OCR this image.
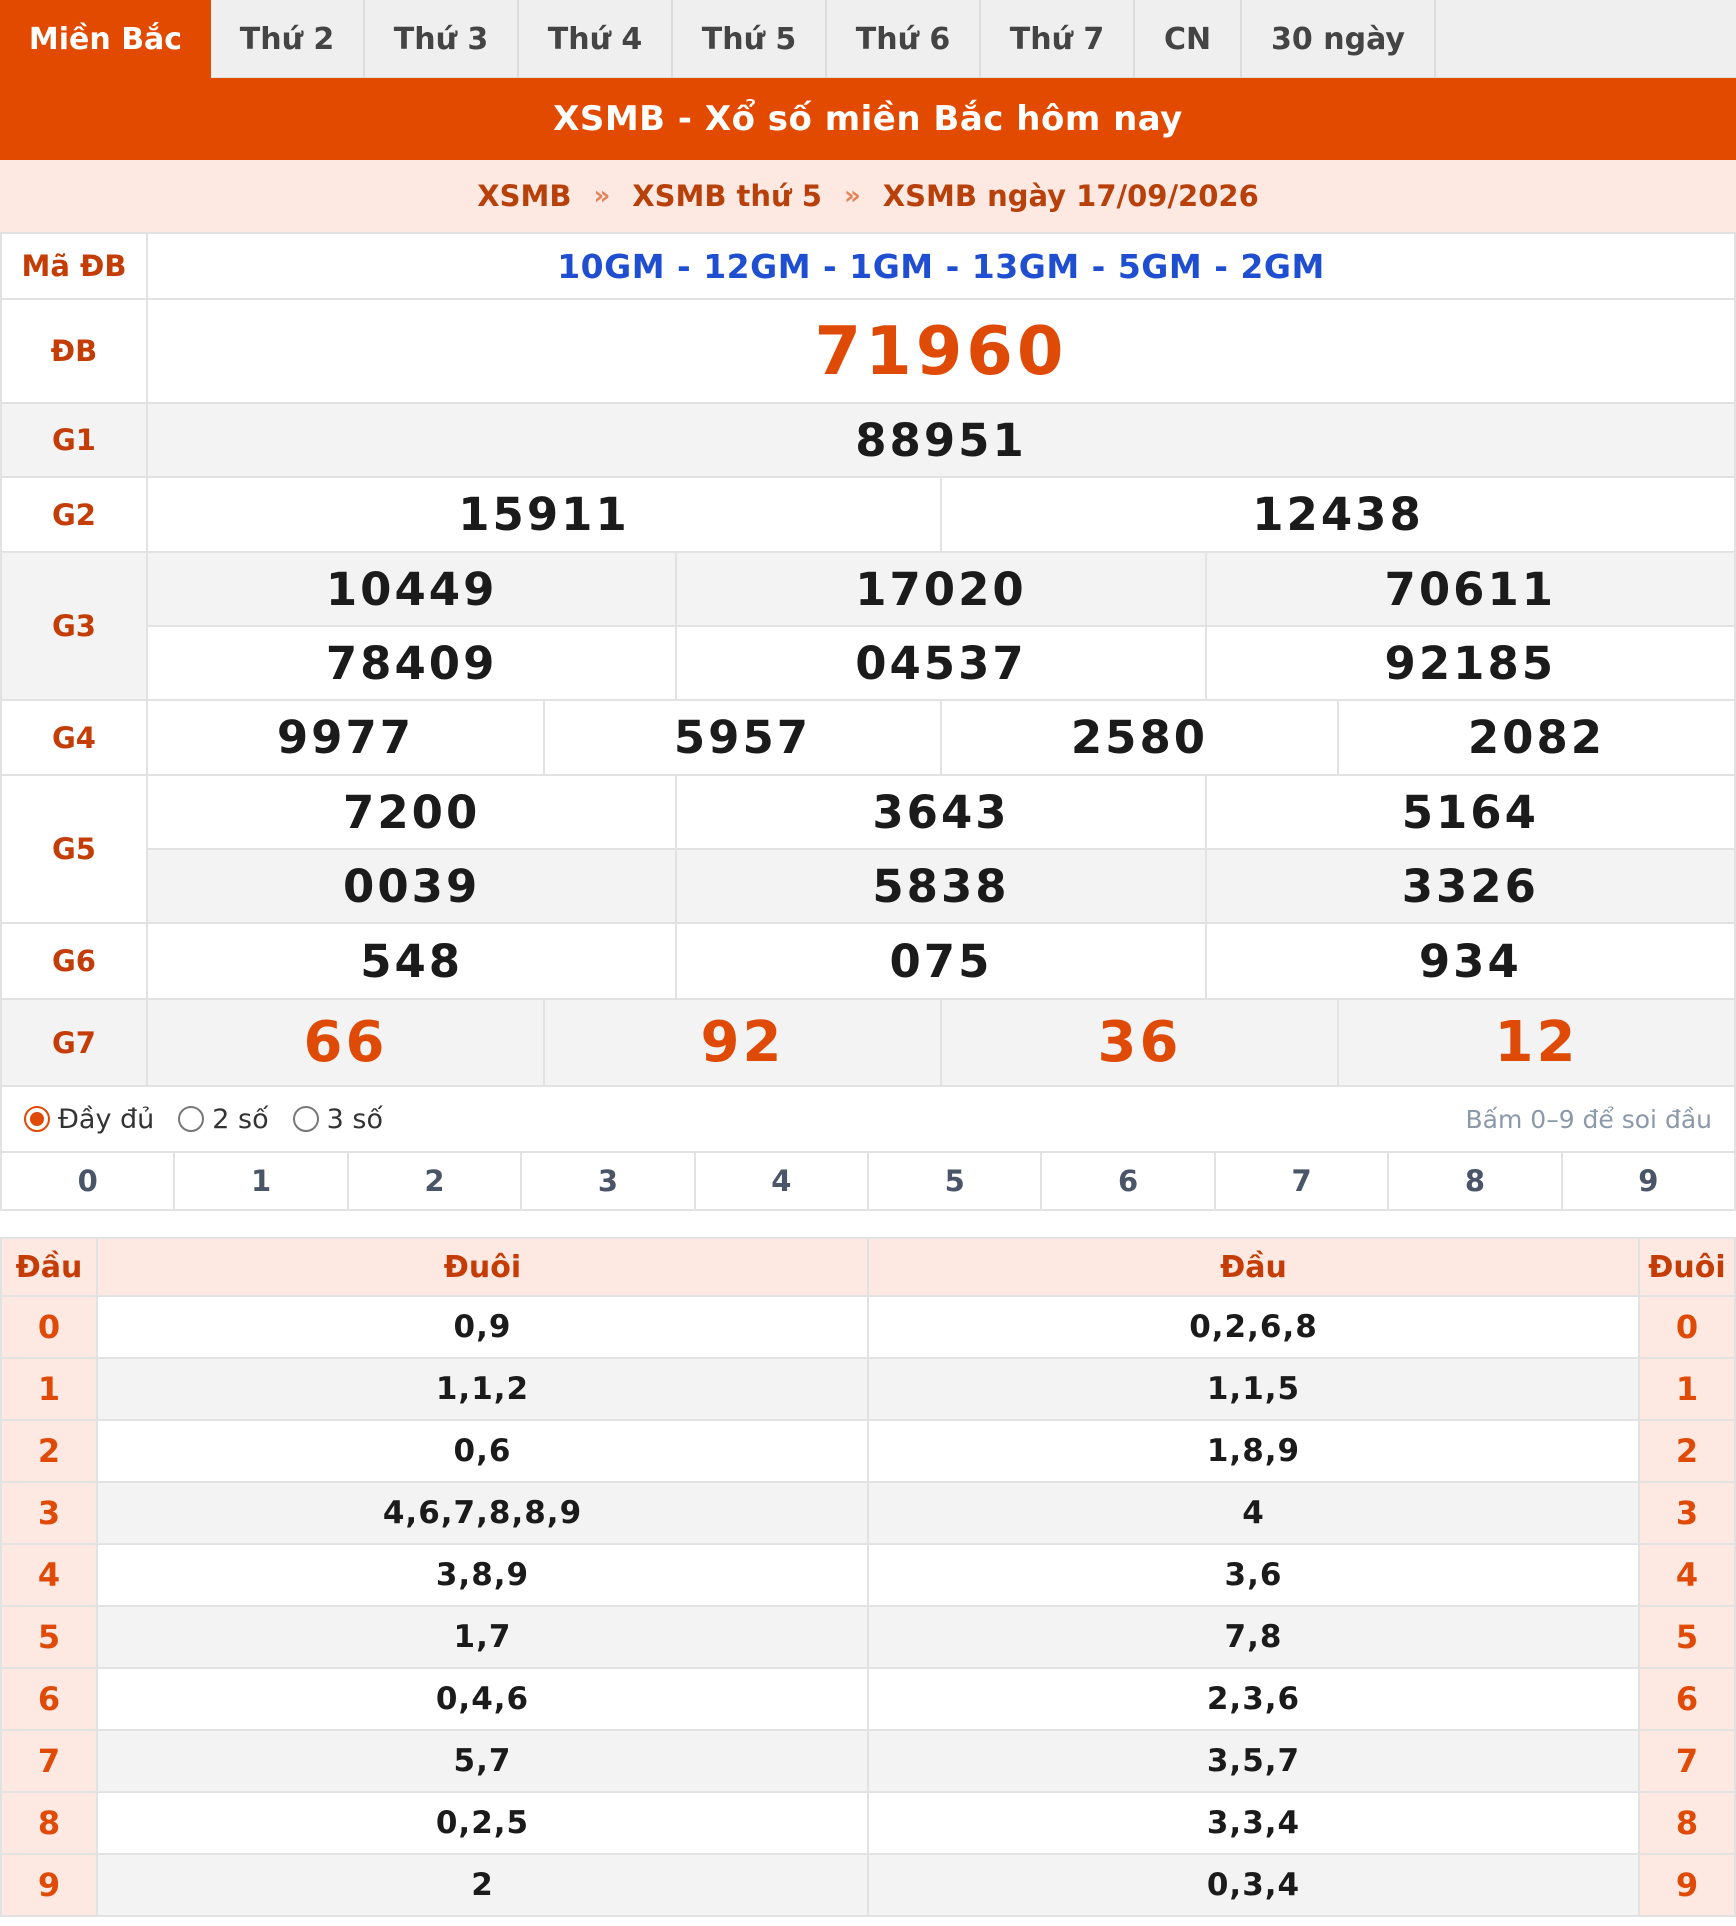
Miền Bắc	Thứ 2	Thứ 3	Thứ 4	Thứ 5	Thứ 6	Thứ 7	CN	30 ngày
XSMB - Xổ số miền Bắc hôm nay
XSMB » XSMB thứ 5 » XSMB ngày 17/09/2026
Mã ĐB	10GM - 12GM - 1GM - 13GM - 5GM - 2GM					
ĐB	71960					
G1	88951					
G2	15911			12438		
G3	10449		17020		70611	
	78409		04537		92185	
G4	9977	5957		2580		2082
G5	7200		3643		5164	
	0039		5838		3326	
G6	548		075		934	
G7	66	92		36		12
Đầy đủ 2 số 3 số	Bấm 0–9 để soi đầu
0	1	2	3	4	5	6	7	8	9
Đầu	Đuôi	Đầu	Đuôi
0	0,9	0,2,6,8	0
1	1,1,2	1,1,5	1
2	0,6	1,8,9	2
3	4,6,7,8,8,9	4	3
4	3,8,9	3,6	4
5	1,7	7,8	5
6	0,4,6	2,3,6	6
7	5,7	3,5,7	7
8	0,2,5	3,3,4	8
9	2	0,3,4	9
